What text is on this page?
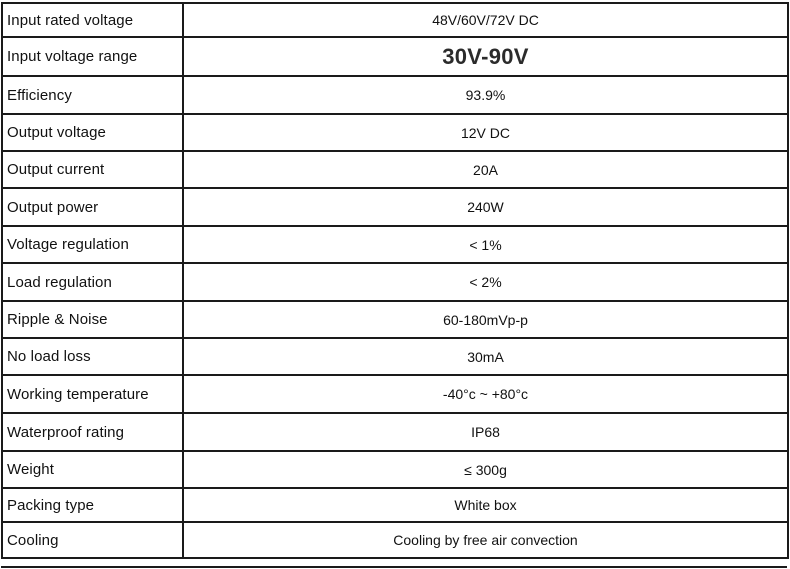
Input rated voltage	48V/60V/72V DC
Input voltage range	30V-90V
Efficiency	93.9%
Output voltage	12V DC
Output current	20A
Output power	240W
Voltage regulation	< 1%
Load regulation	< 2%
Ripple & Noise	60-180mVp-p
No load loss	30mA
Working temperature	-40°c ~ +80°c
Waterproof rating	IP68
Weight	≤ 300g
Packing type	White box
Cooling	Cooling by free air convection
